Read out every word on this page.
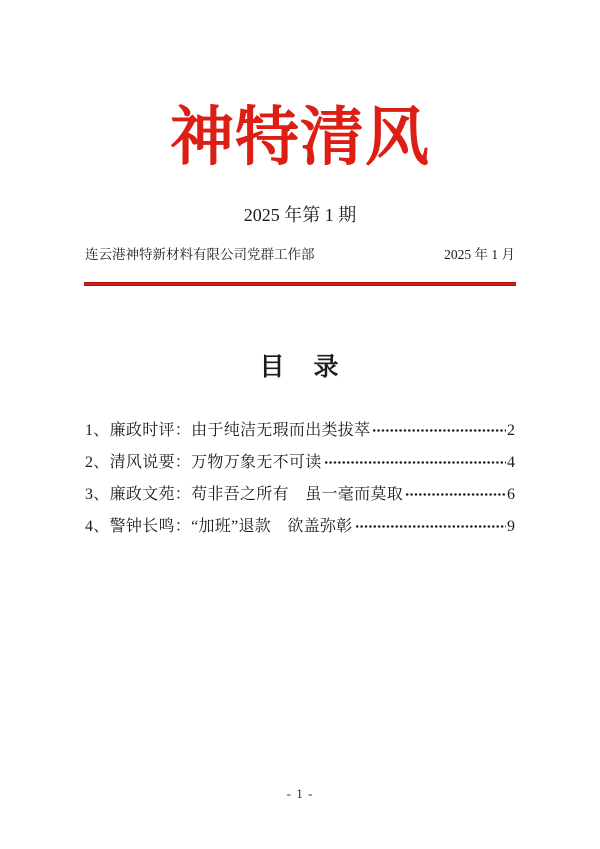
神特清风
2025 年第 1 期
连云港神特新材料有限公司党群工作部	2025 年 1 月
目　录
1、廉政时评：由于纯洁无瑕而出类拔萃	2
2、清风说要：万物万象无不可读	4
3、廉政文苑：苟非吾之所有　虽一毫而莫取	6
4、警钟长鸣：“加班”退款　欲盖弥彰	9
- 1 -
